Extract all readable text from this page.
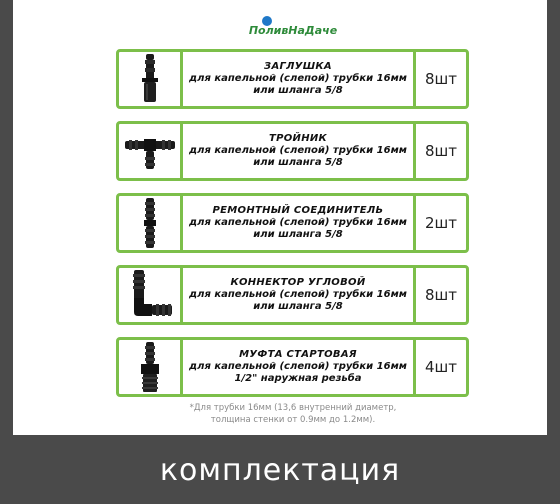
ПоливНаДаче
ЗАГЛУШКА
для капельной (слепой) трубки 16мм
или шланга 5/8
8шт
ТРОЙНИК
для капельной (слепой) трубки 16мм
или шланга 5/8
8шт
РЕМОНТНЫЙ СОЕДИНИТЕЛЬ
для капельной (слепой) трубки 16мм
или шланга 5/8
2шт
КОННЕКТОР УГЛОВОЙ
для капельной (слепой) трубки 16мм
или шланга 5/8
8шт
МУФТА СТАРТОВАЯ
для капельной (слепой) трубки 16мм
1/2" наружная резьба
4шт
*Для трубки 16мм (13,6 внутренний диаметр,
толщина стенки от 0.9мм до 1.2мм).
комплектация
